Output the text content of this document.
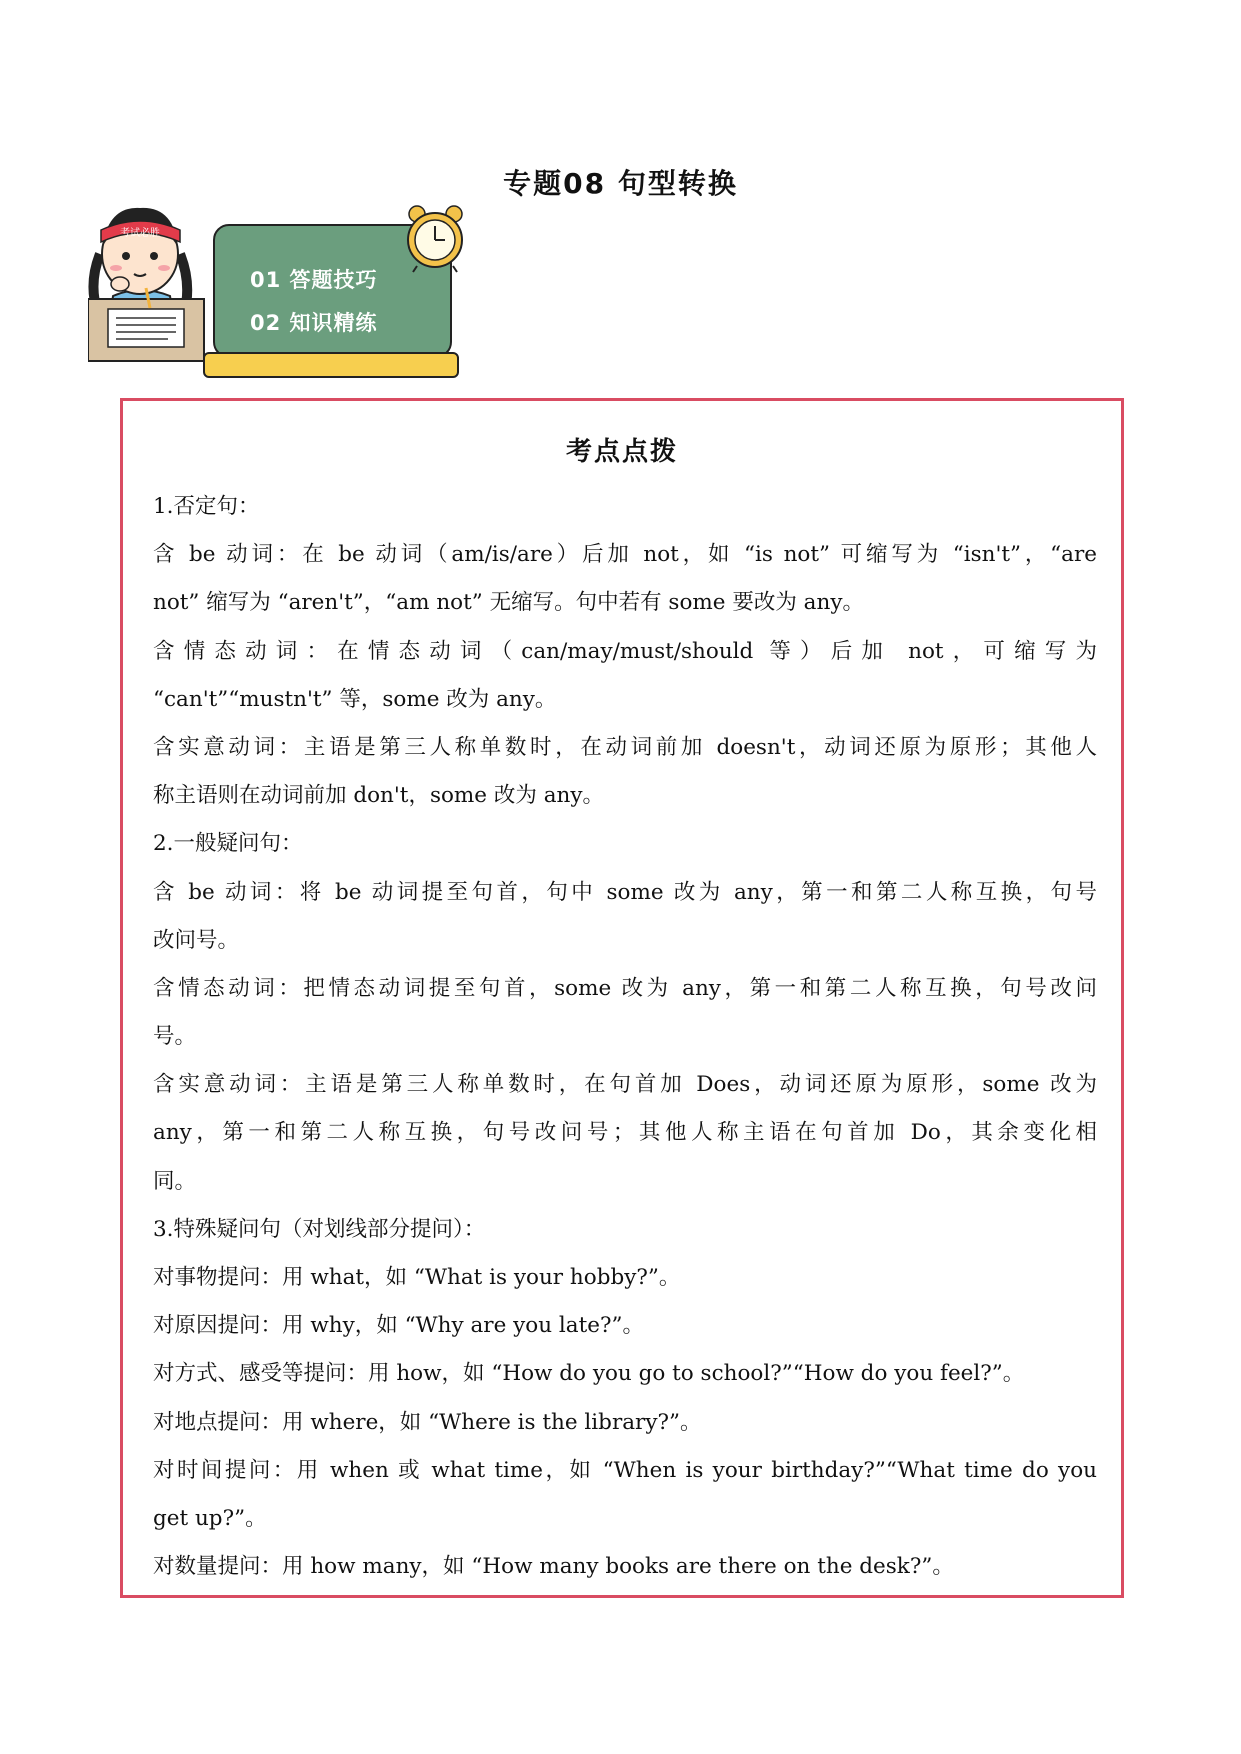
专题08 句型转换
01 答题技巧
02 知识精练
考试必胜
考点点拨
1.否定句：
含 be 动词：在 be 动词（am/is/are）后加 not，如 “is not” 可缩写为 “isn't”，“are
not” 缩写为 “aren't”，“am not” 无缩写。句中若有 some 要改为 any。
含情态动词：在情态动词（can/may/must/should 等）后加 not，可缩写为
“can't”“mustn't” 等，some 改为 any。
含实意动词：主语是第三人称单数时，在动词前加 doesn't，动词还原为原形；其他人
称主语则在动词前加 don't，some 改为 any。
2.一般疑问句：
含 be 动词：将 be 动词提至句首，句中 some 改为 any，第一和第二人称互换，句号
改问号。
含情态动词：把情态动词提至句首，some 改为 any，第一和第二人称互换，句号改问
号。
含实意动词：主语是第三人称单数时，在句首加 Does，动词还原为原形，some 改为
any，第一和第二人称互换，句号改问号；其他人称主语在句首加 Do，其余变化相
同。
3.特殊疑问句（对划线部分提问）：
对事物提问：用 what，如 “What is your hobby?”。
对原因提问：用 why，如 “Why are you late?”。
对方式、感受等提问：用 how，如 “How do you go to school?”“How do you feel?”。
对地点提问：用 where，如 “Where is the library?”。
对时间提问：用 when 或 what time，如 “When is your birthday?”“What time do you
get up?”。
对数量提问：用 how many，如 “How many books are there on the desk?”。
